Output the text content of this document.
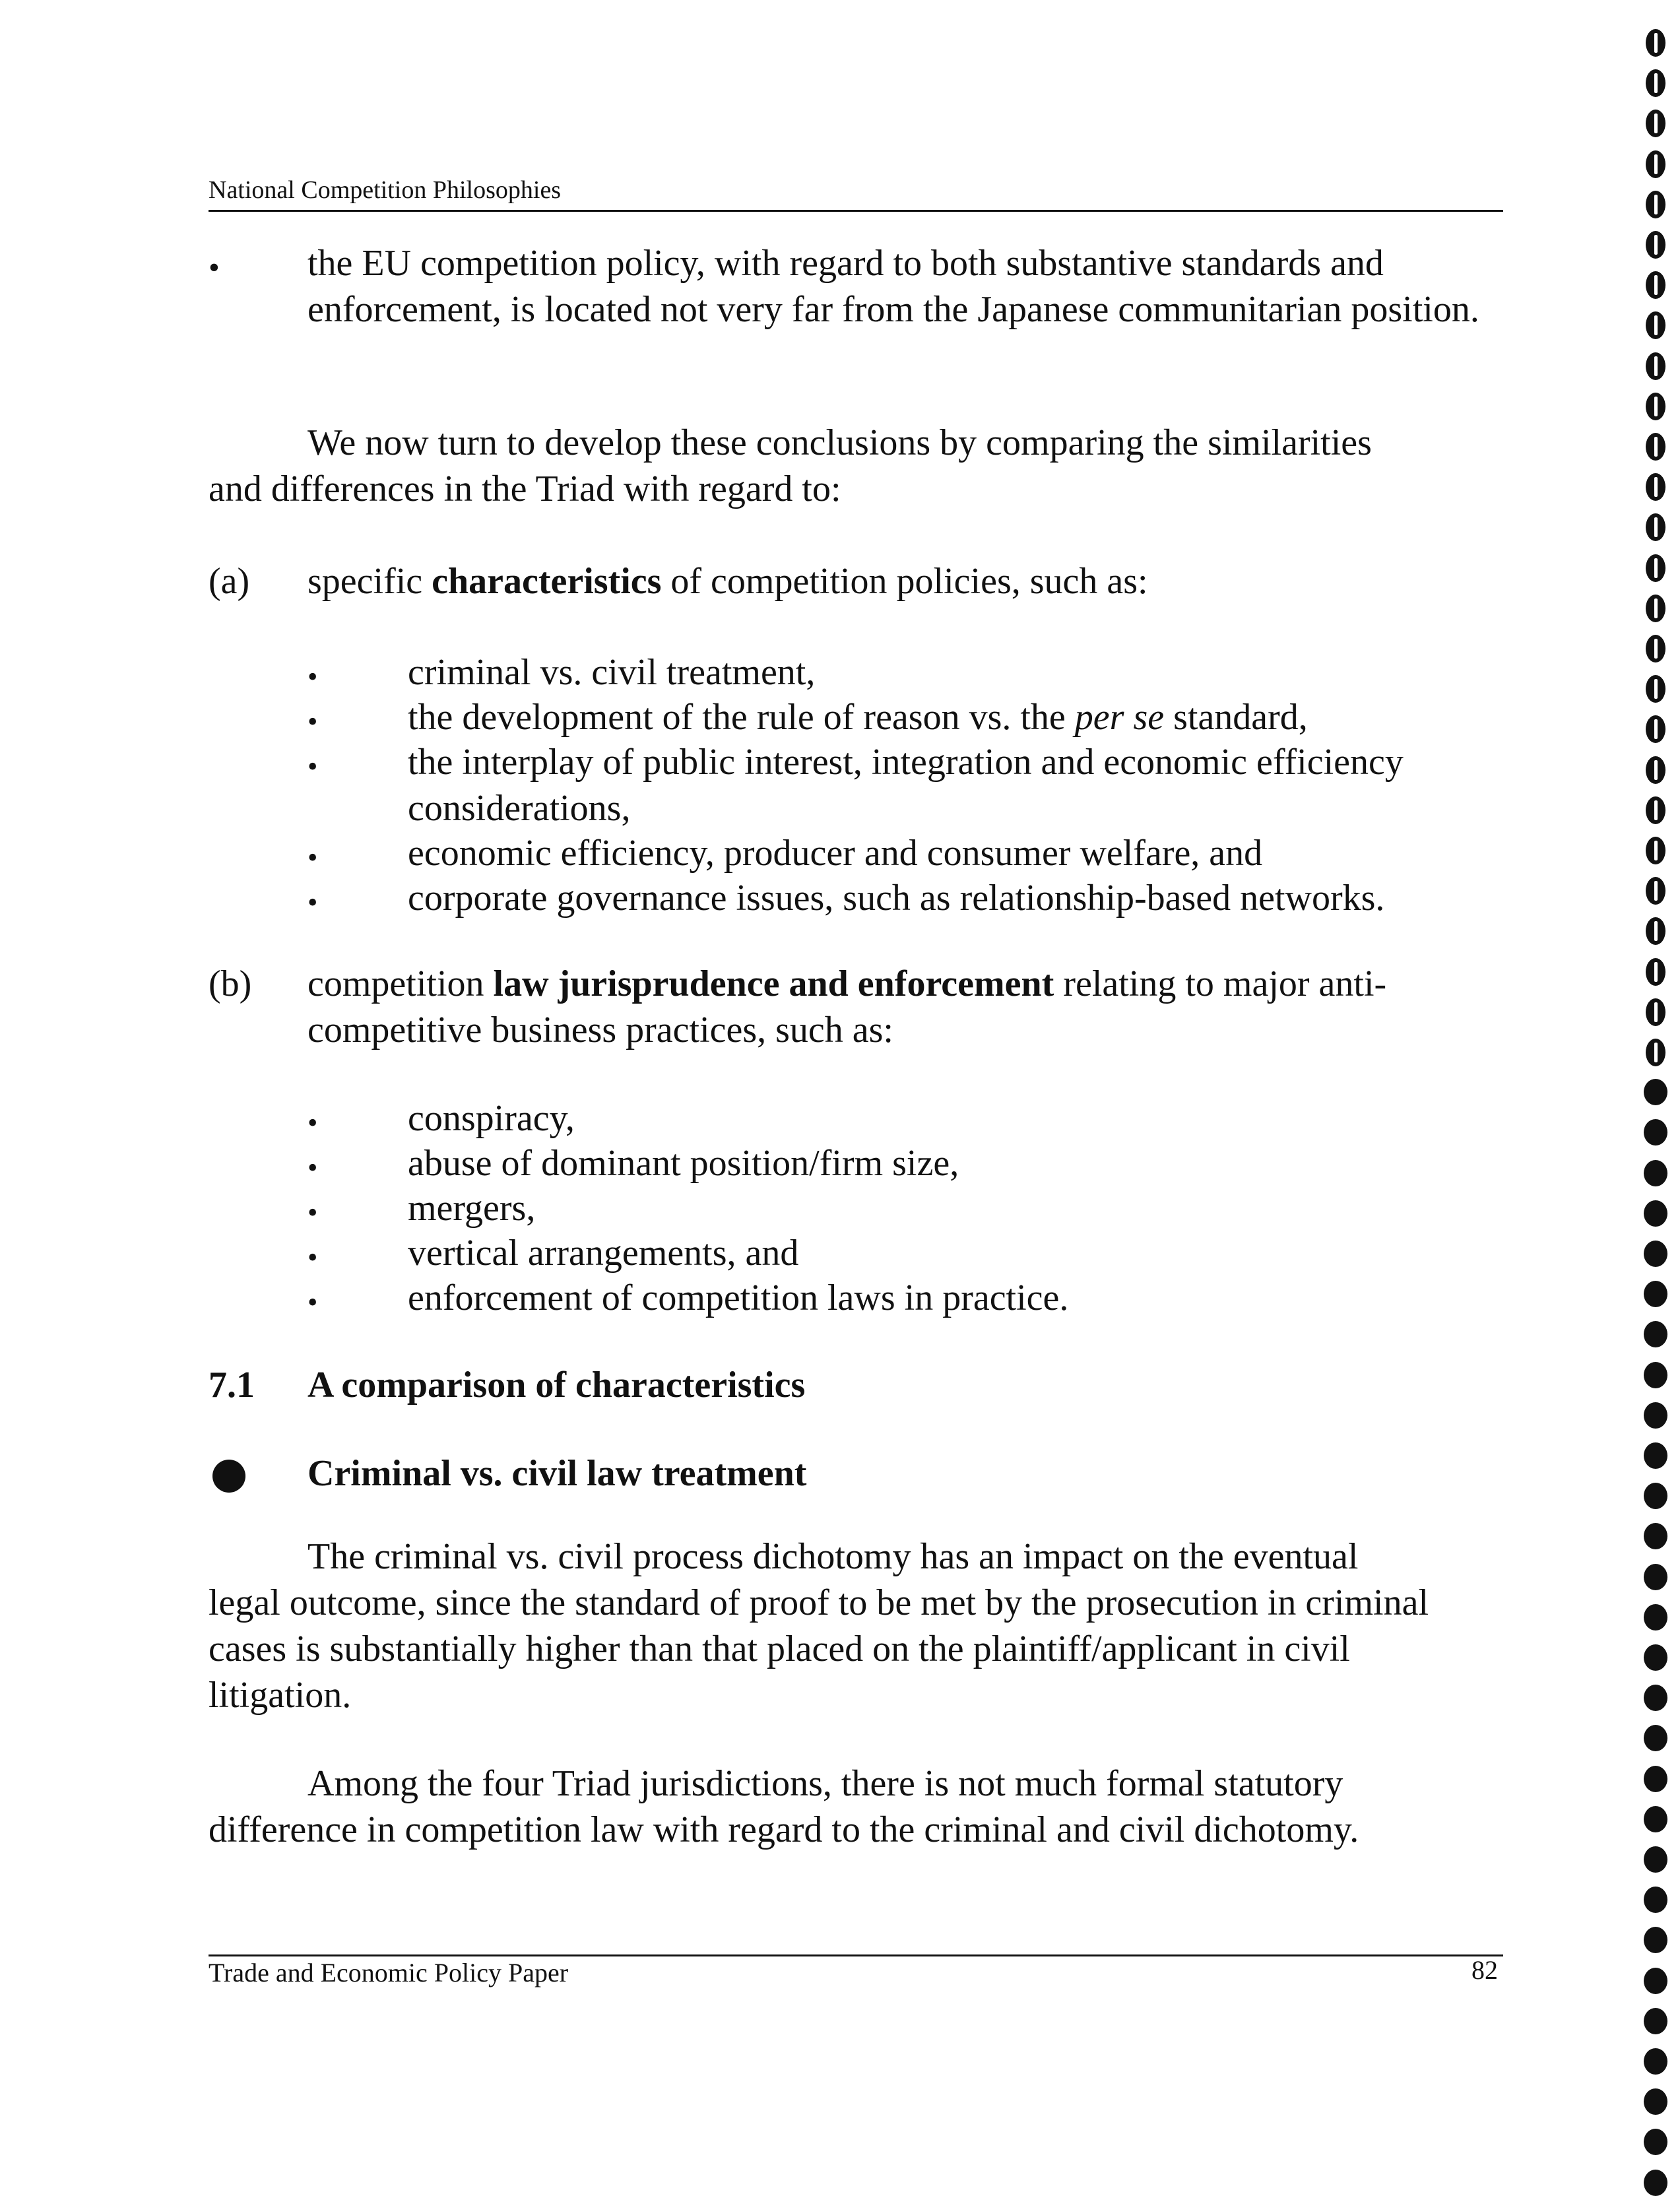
National Competition Philosophies
• the EU competition policy, with regard to both substantive standards and enforcement, is located not very far from the Japanese communitarian position.
We now turn to develop these conclusions by comparing the similarities
and differences in the Triad with regard to:
(a) specific characteristics of competition policies, such as:
• criminal vs. civil treatment,
• the development of the rule of reason vs. the per se standard,
• the interplay of public interest, integration and economic efficiency considerations,
• economic efficiency, producer and consumer welfare, and
• corporate governance issues, such as relationship-based networks.
(b) competition law jurisprudence and enforcement relating to major anti-
competitive business practices, such as:
• conspiracy,
• abuse of dominant position/firm size,
• mergers,
• vertical arrangements, and
• enforcement of competition laws in practice.
7.1 A comparison of characteristics
Criminal vs. civil law treatment
The criminal vs. civil process dichotomy has an impact on the eventual
legal outcome, since the standard of proof to be met by the prosecution in criminal cases is substantially higher than that placed on the plaintiff/applicant in civil litigation.
Among the four Triad jurisdictions, there is not much formal statutory
difference in competition law with regard to the criminal and civil dichotomy.
Trade and Economic Policy Paper	82
